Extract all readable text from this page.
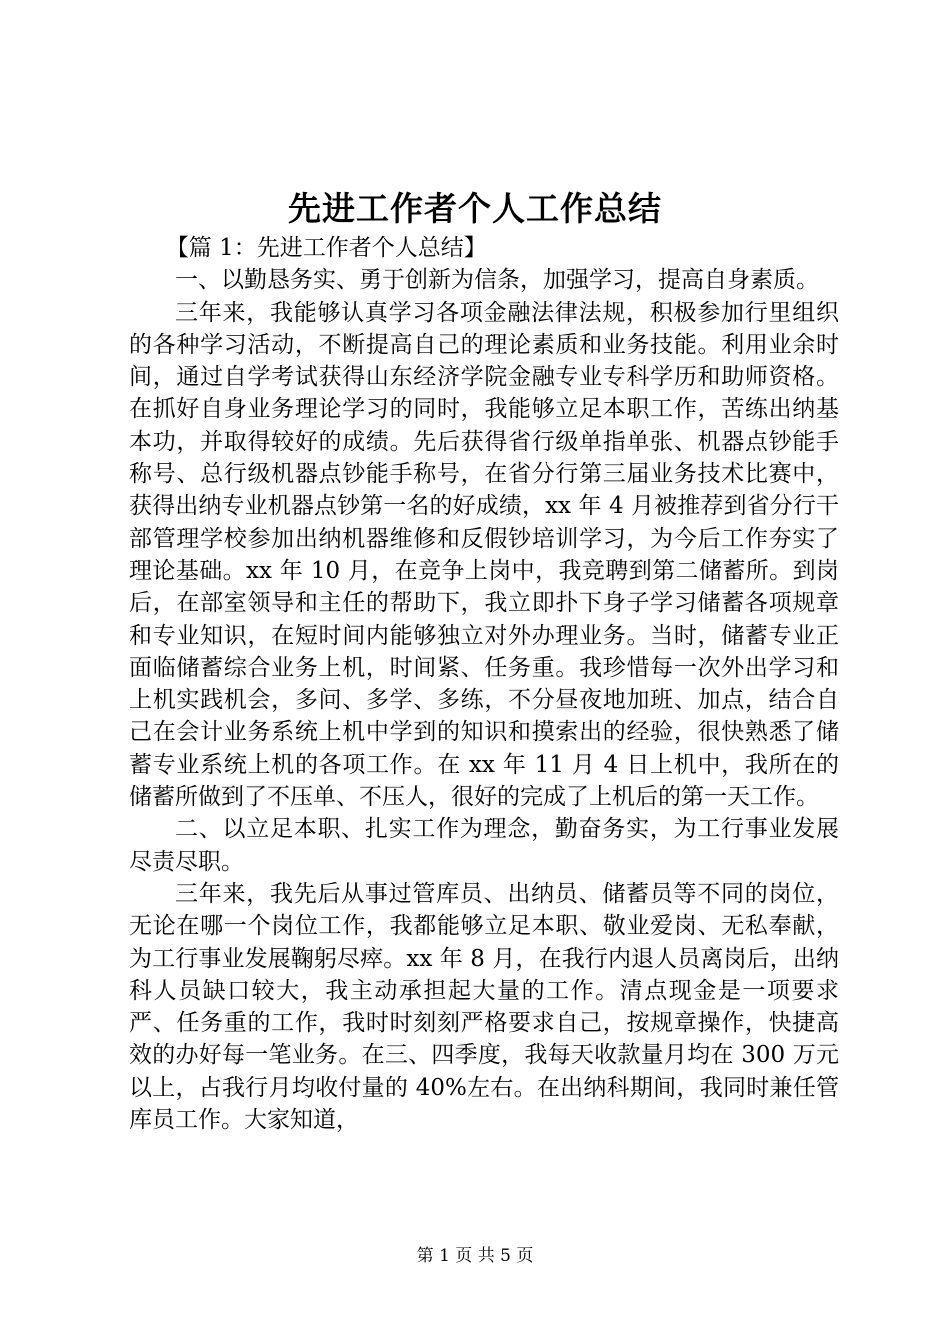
先进工作者个人工作总结

【篇 1：先进工作者个人总结】

一、以勤恳务实、勇于创新为信条，加强学习，提高自身素质。

三年来，我能够认真学习各项金融法律法规，积极参加行里组织的各种学习活动，不断提高自己的理论素质和业务技能。利用业余时间，通过自学考试获得山东经济学院金融专业专科学历和助师资格。在抓好自身业务理论学习的同时，我能够立足本职工作，苦练出纳基本功，并取得较好的成绩。先后获得省行级单指单张、机器点钞能手称号、总行级机器点钞能手称号，在省分行第三届业务技术比赛中，获得出纳专业机器点钞第一名的好成绩，xx 年 4 月被推荐到省分行干部管理学校参加出纳机器维修和反假钞培训学习，为今后工作夯实了理论基础。xx 年 10 月，在竞争上岗中，我竞聘到第二储蓄所。到岗后，在部室领导和主任的帮助下，我立即扑下身子学习储蓄各项规章和专业知识，在短时间内能够独立对外办理业务。当时，储蓄专业正面临储蓄综合业务上机，时间紧、任务重。我珍惜每一次外出学习和上机实践机会，多问、多学、多练，不分昼夜地加班、加点，结合自己在会计业务系统上机中学到的知识和摸索出的经验，很快熟悉了储蓄专业系统上机的各项工作。在 xx 年 11 月 4 日上机中，我所在的储蓄所做到了不压单、不压人，很好的完成了上机后的第一天工作。

二、以立足本职、扎实工作为理念，勤奋务实，为工行事业发展尽责尽职。

三年来，我先后从事过管库员、出纳员、储蓄员等不同的岗位，无论在哪一个岗位工作，我都能够立足本职、敬业爱岗、无私奉献，为工行事业发展鞠躬尽瘁。xx 年 8 月，在我行内退人员离岗后，出纳科人员缺口较大，我主动承担起大量的工作。清点现金是一项要求严、任务重的工作，我时时刻刻严格要求自己，按规章操作，快捷高效的办好每一笔业务。在三、四季度，我每天收款量月均在 300 万元以上，占我行月均收付量的 40%左右。在出纳科期间，我同时兼任管库员工作。大家知道，

第 1 页 共 5 页
